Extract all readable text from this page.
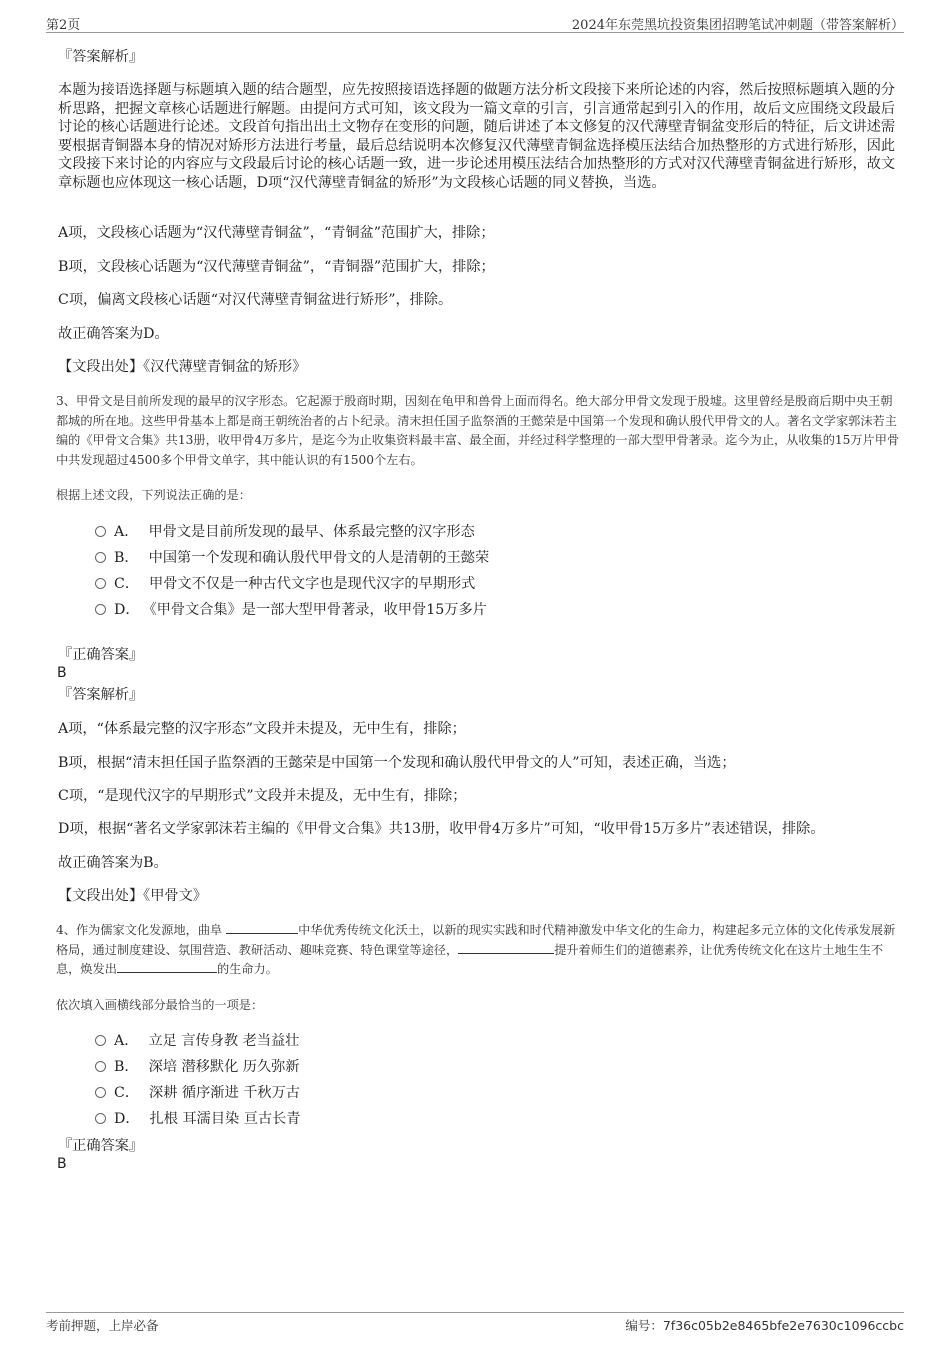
第2页	2024年东莞黑坑投资集团招聘笔试冲刺题（带答案解析）
『答案解析』
本题为接语选择题与标题填入题的结合题型，应先按照接语选择题的做题方法分析文段接下来所论述的内容，然后按照标题填入题的分析思路，把握文章核心话题进行解题。由提问方式可知，该文段为一篇文章的引言，引言通常起到引入的作用，故后文应围绕文段最后讨论的核心话题进行论述。文段首句指出出土文物存在变形的问题，随后讲述了本文修复的汉代薄壁青铜盆变形后的特征，后文讲述需要根据青铜器本身的情况对矫形方法进行考量，最后总结说明本次修复汉代薄壁青铜盆选择模压法结合加热整形的方式进行矫形，因此文段接下来讨论的内容应与文段最后讨论的核心话题一致，进一步论述用模压法结合加热整形的方式对汉代薄壁青铜盆进行矫形，故文章标题也应体现这一核心话题，D项“汉代薄壁青铜盆的矫形”为文段核心话题的同义替换，当选。
A项，文段核心话题为“汉代薄壁青铜盆”，“青铜盆”范围扩大，排除；
B项，文段核心话题为“汉代薄壁青铜盆”，“青铜器”范围扩大，排除；
C项，偏离文段核心话题“对汉代薄壁青铜盆进行矫形”，排除。
故正确答案为D。
【文段出处】《汉代薄壁青铜盆的矫形》
3、甲骨文是目前所发现的最早的汉字形态。它起源于殷商时期，因刻在龟甲和兽骨上面而得名。绝大部分甲骨文发现于殷墟。这里曾经是殷商后期中央王朝都城的所在地。这些甲骨基本上都是商王朝统治者的占卜纪录。清末担任国子监祭酒的王懿荣是中国第一个发现和确认殷代甲骨文的人。著名文学家郭沫若主编的《甲骨文合集》共13册，收甲骨4万多片，是迄今为止收集资料最丰富、最全面，并经过科学整理的一部大型甲骨著录。迄今为止，从收集的15万片甲骨中共发现超过4500多个甲骨文单字，其中能认识的有1500个左右。
根据上述文段，下列说法正确的是：
A． 甲骨文是目前所发现的最早、体系最完整的汉字形态
B． 中国第一个发现和确认殷代甲骨文的人是清朝的王懿荣
C． 甲骨文不仅是一种古代文字也是现代汉字的早期形式
D． 《甲骨文合集》是一部大型甲骨著录，收甲骨15万多片
『正确答案』
B
『答案解析』
A项，“体系最完整的汉字形态”文段并未提及，无中生有，排除；
B项，根据“清末担任国子监祭酒的王懿荣是中国第一个发现和确认殷代甲骨文的人”可知，表述正确，当选；
C项，“是现代汉字的早期形式”文段并未提及，无中生有，排除；
D项，根据“著名文学家郭沫若主编的《甲骨文合集》共13册，收甲骨4万多片”可知，“收甲骨15万多片”表述错误，排除。
故正确答案为B。
【文段出处】《甲骨文》
4、作为儒家文化发源地，曲阜	中华优秀传统文化沃土，以新的现实实践和时代精神激发中华文化的生命力，构建起多元立体的文化传承发展新格局，通过制度建设、氛围营造、教研活动、趣味竞赛、特色课堂等途径，	提升着师生们的道德素养，让优秀传统文化在这片土地生生不息，焕发出	的生命力。
依次填入画横线部分最恰当的一项是：
A． 立足 言传身教 老当益壮
B． 深培 潜移默化 历久弥新
C． 深耕 循序渐进 千秋万古
D． 扎根 耳濡目染 亘古长青
『正确答案』
B
考前押题，上岸必备	编号：7f36c05b2e8465bfe2e7630c1096ccbc
